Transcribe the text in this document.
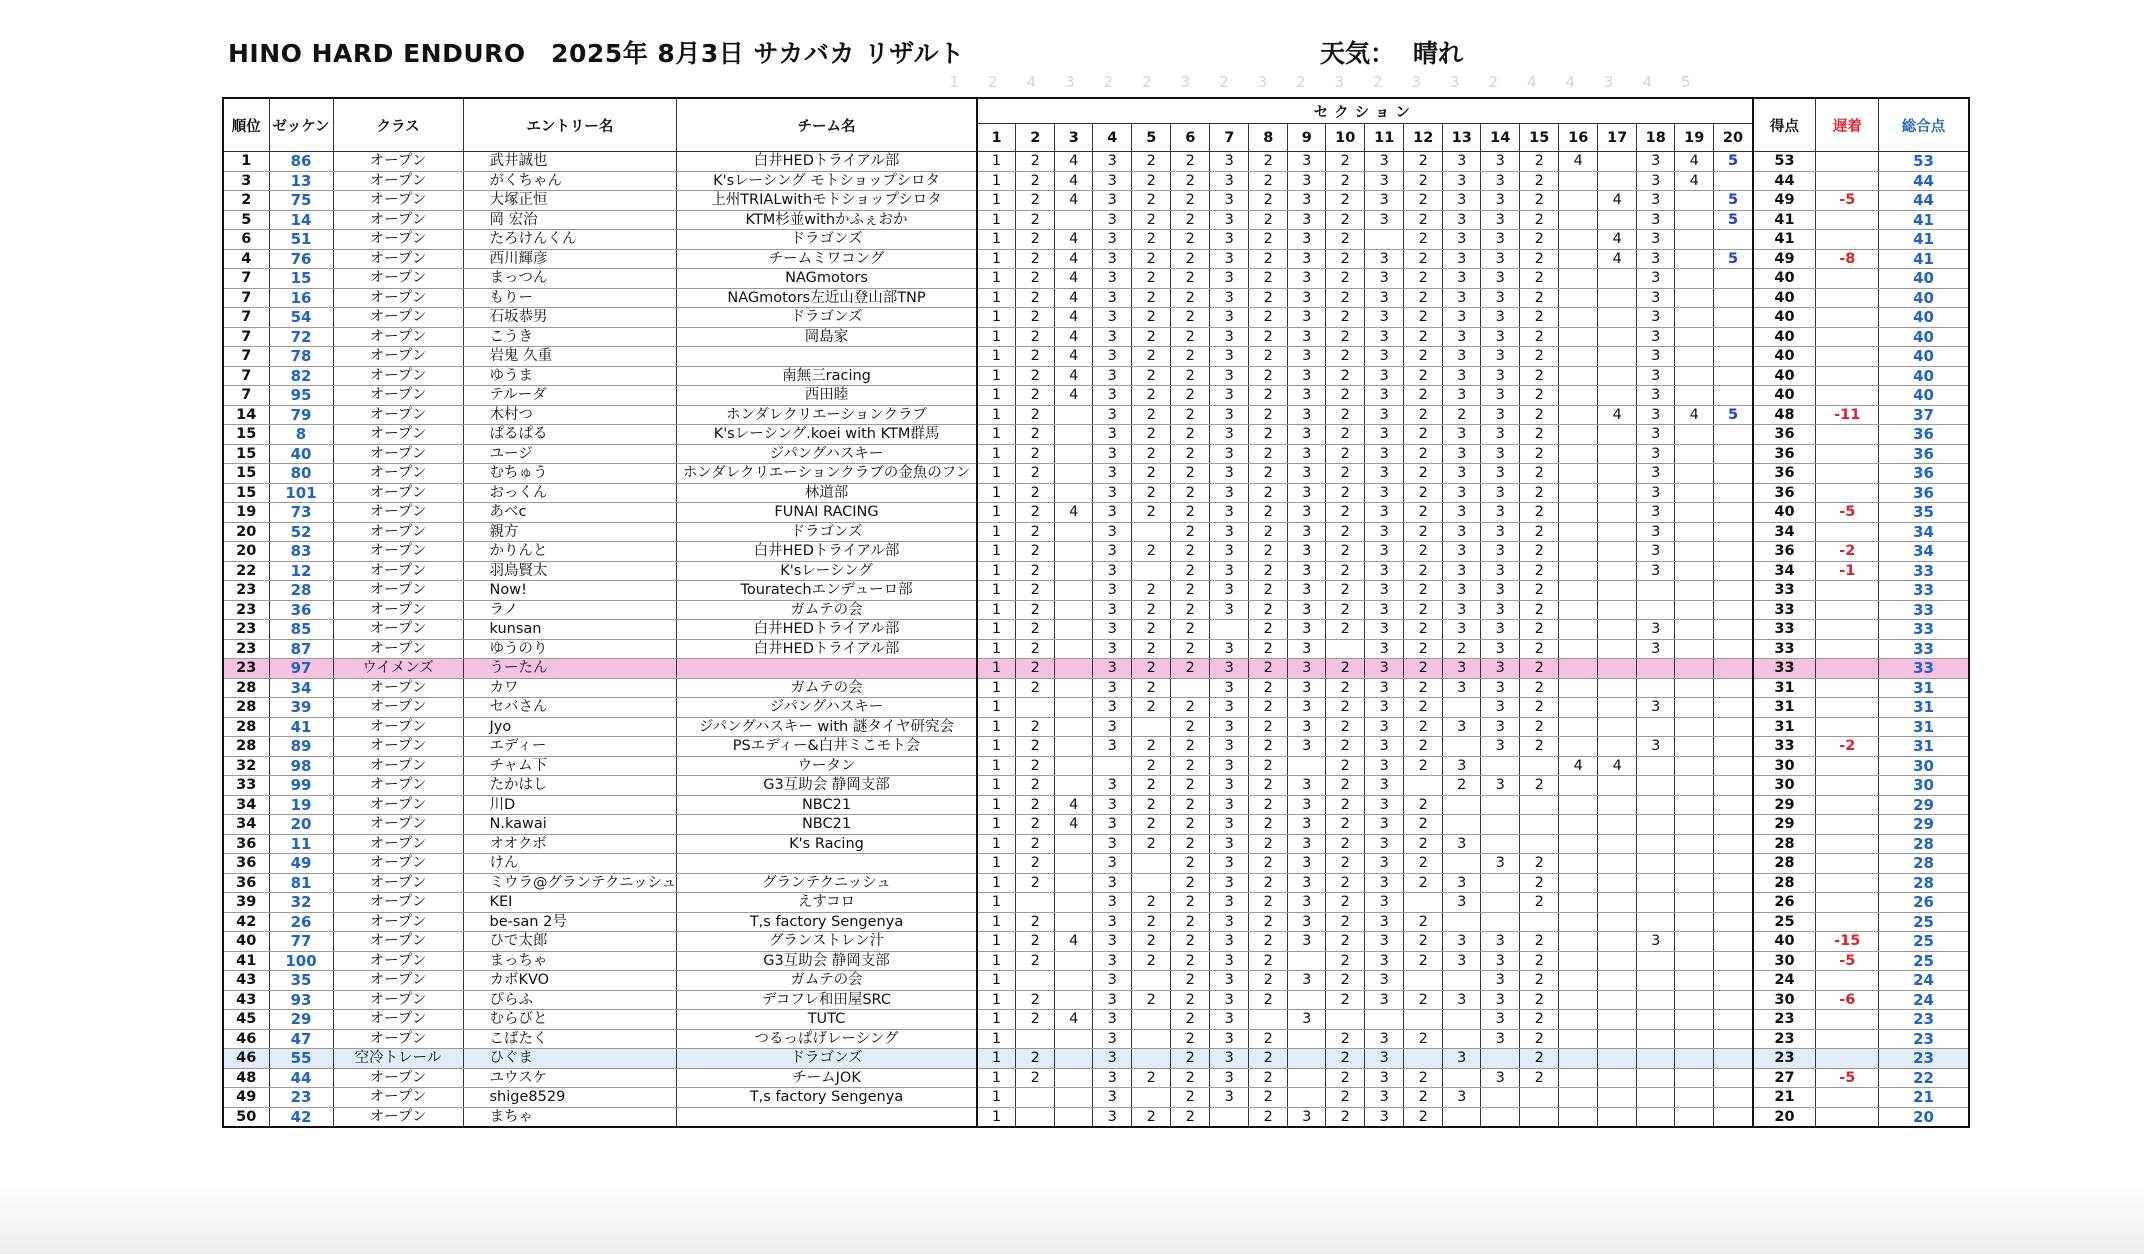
HINO HARD ENDURO　2025年 8月3日 サカバカ リザルト	天気： 晴れ
1	2	4	3	2	2	3	2	3	2	3	2	3	3	2	4	4	3	4	5
順位	ゼッケン	クラス	エントリー名	チーム名	セクション																				得点	遅着	総合点
					1	2	3	4	5	6	7	8	9	10	11	12	13	14	15	16	17	18	19	20			
1	86	オープン	武井誠也	白井HEDトライアル部	1	2	4	3	2	2	3	2	3	2	3	2	3	3	2	4		3	4	5	53		53
3	13	オープン	がくちゃん	K'sレーシング モトショップシロタ	1	2	4	3	2	2	3	2	3	2	3	2	3	3	2			3	4		44		44
2	75	オープン	大塚正恒	上州TRIALwithモトショップシロタ	1	2	4	3	2	2	3	2	3	2	3	2	3	3	2		4	3		5	49	-5	44
5	14	オープン	岡 宏治	KTM杉並withかふぇおか	1	2		3	2	2	3	2	3	2	3	2	3	3	2			3		5	41		41
6	51	オープン	たろけんくん	ドラゴンズ	1	2	4	3	2	2	3	2	3	2		2	3	3	2		4	3			41		41
4	76	オープン	西川輝彦	チームミワコング	1	2	4	3	2	2	3	2	3	2	3	2	3	3	2		4	3		5	49	-8	41
7	15	オープン	まっつん	NAGmotors	1	2	4	3	2	2	3	2	3	2	3	2	3	3	2			3			40		40
7	16	オープン	もりー	NAGmotors左近山登山部TNP	1	2	4	3	2	2	3	2	3	2	3	2	3	3	2			3			40		40
7	54	オープン	石坂恭男	ドラゴンズ	1	2	4	3	2	2	3	2	3	2	3	2	3	3	2			3			40		40
7	72	オープン	こうき	岡島家	1	2	4	3	2	2	3	2	3	2	3	2	3	3	2			3			40		40
7	78	オープン	岩鬼 久重		1	2	4	3	2	2	3	2	3	2	3	2	3	3	2			3			40		40
7	82	オープン	ゆうま	南無三racing	1	2	4	3	2	2	3	2	3	2	3	2	3	3	2			3			40		40
7	95	オープン	テルーダ	西田睦	1	2	4	3	2	2	3	2	3	2	3	2	3	3	2			3			40		40
14	79	オープン	木村つ	ホンダレクリエーションクラブ	1	2		3	2	2	3	2	3	2	3	2	2	3	2		4	3	4	5	48	-11	37
15	8	オープン	ぱるぱる	K'sレーシング.koei with KTM群馬	1	2		3	2	2	3	2	3	2	3	2	3	3	2			3			36		36
15	40	オープン	ユージ	ジパングハスキー	1	2		3	2	2	3	2	3	2	3	2	3	3	2			3			36		36
15	80	オープン	むちゅう	ホンダレクリエーションクラブの金魚のフン	1	2		3	2	2	3	2	3	2	3	2	3	3	2			3			36		36
15	101	オープン	おっくん	林道部	1	2		3	2	2	3	2	3	2	3	2	3	3	2			3			36		36
19	73	オープン	あべc	FUNAI RACING	1	2	4	3	2	2	3	2	3	2	3	2	3	3	2			3			40	-5	35
20	52	オープン	親方	ドラゴンズ	1	2		3		2	3	2	3	2	3	2	3	3	2			3			34		34
20	83	オープン	かりんと	白井HEDトライアル部	1	2		3	2	2	3	2	3	2	3	2	3	3	2			3			36	-2	34
22	12	オープン	羽鳥賢太	K'sレーシング	1	2		3		2	3	2	3	2	3	2	3	3	2			3			34	-1	33
23	28	オープン	Now!	Touratechエンデューロ部	1	2		3	2	2	3	2	3	2	3	2	3	3	2						33		33
23	36	オープン	ラノ	ガムテの会	1	2		3	2	2	3	2	3	2	3	2	3	3	2						33		33
23	85	オープン	kunsan	白井HEDトライアル部	1	2		3	2	2		2	3	2	3	2	3	3	2			3			33		33
23	87	オープン	ゆうのり	白井HEDトライアル部	1	2		3	2	2	3	2	3		3	2	2	3	2			3			33		33
23	97	ウイメンズ	うーたん		1	2		3	2	2	3	2	3	2	3	2	3	3	2						33		33
28	34	オープン	カワ	ガムテの会	1	2		3	2		3	2	3	2	3	2	3	3	2						31		31
28	39	オープン	セバさん	ジパングハスキー	1			3	2	2	3	2	3	2	3	2		3	2			3			31		31
28	41	オープン	Jyo	ジパングハスキー with 謎タイヤ研究会	1	2		3		2	3	2	3	2	3	2	3	3	2						31		31
28	89	オープン	エディー	PSエディー&白井ミこモト会	1	2		3	2	2	3	2	3	2	3	2		3	2			3			33	-2	31
32	98	オープン	チャム下	ウータン	1	2			2	2	3	2		2	3	2	3			4	4				30		30
33	99	オープン	たかはし	G3互助会 静岡支部	1	2		3	2	2	3	2	3	2	3		2	3	2						30		30
34	19	オープン	川D	NBC21	1	2	4	3	2	2	3	2	3	2	3	2									29		29
34	20	オープン	N.kawai	NBC21	1	2	4	3	2	2	3	2	3	2	3	2									29		29
36	11	オープン	オオクボ	K's Racing	1	2		3	2	2	3	2	3	2	3	2	3								28		28
36	49	オープン	けん		1	2		3		2	3	2	3	2	3	2		3	2						28		28
36	81	オープン	ミウラ@グランテクニッシュ	グランテクニッシュ	1	2		3		2	3	2	3	2	3	2	3		2						28		28
39	32	オープン	KEI	えすコロ	1			3	2	2	3	2	3	2	3		3		2						26		26
42	26	オープン	be-san 2号	T,s factory Sengenya	1	2		3	2	2	3	2	3	2	3	2									25		25
40	77	オープン	ひで太郎	グランストレン汁	1	2	4	3	2	2	3	2	3	2	3	2	3	3	2			3			40	-15	25
41	100	オープン	まっちゃ	G3互助会 静岡支部	1	2		3	2	2	3	2		2	3	2	3	3	2						30	-5	25
43	35	オープン	カボKVO	ガムテの会	1			3		2	3	2	3	2	3			3	2						24		24
43	93	オープン	ぴらふ	デコフレ和田屋SRC	1	2		3	2	2	3	2		2	3	2	3	3	2						30	-6	24
45	29	オープン	むらびと	TUTC	1	2	4	3		2	3		3					3	2						23		23
46	47	オープン	こばたく	つるっぱげレーシング	1			3		2	3	2		2	3	2		3	2						23		23
46	55	空冷トレール	ひぐま	ドラゴンズ	1	2		3		2	3	2		2	3		3		2						23		23
48	44	オープン	ユウスケ	チームJOK	1	2		3	2	2	3	2		2	3	2		3	2						27	-5	22
49	23	オープン	shige8529	T,s factory Sengenya	1			3		2	3	2		2	3	2	3								21		21
50	42	オープン	まちゃ		1			3	2	2		2	3	2	3	2									20		20
